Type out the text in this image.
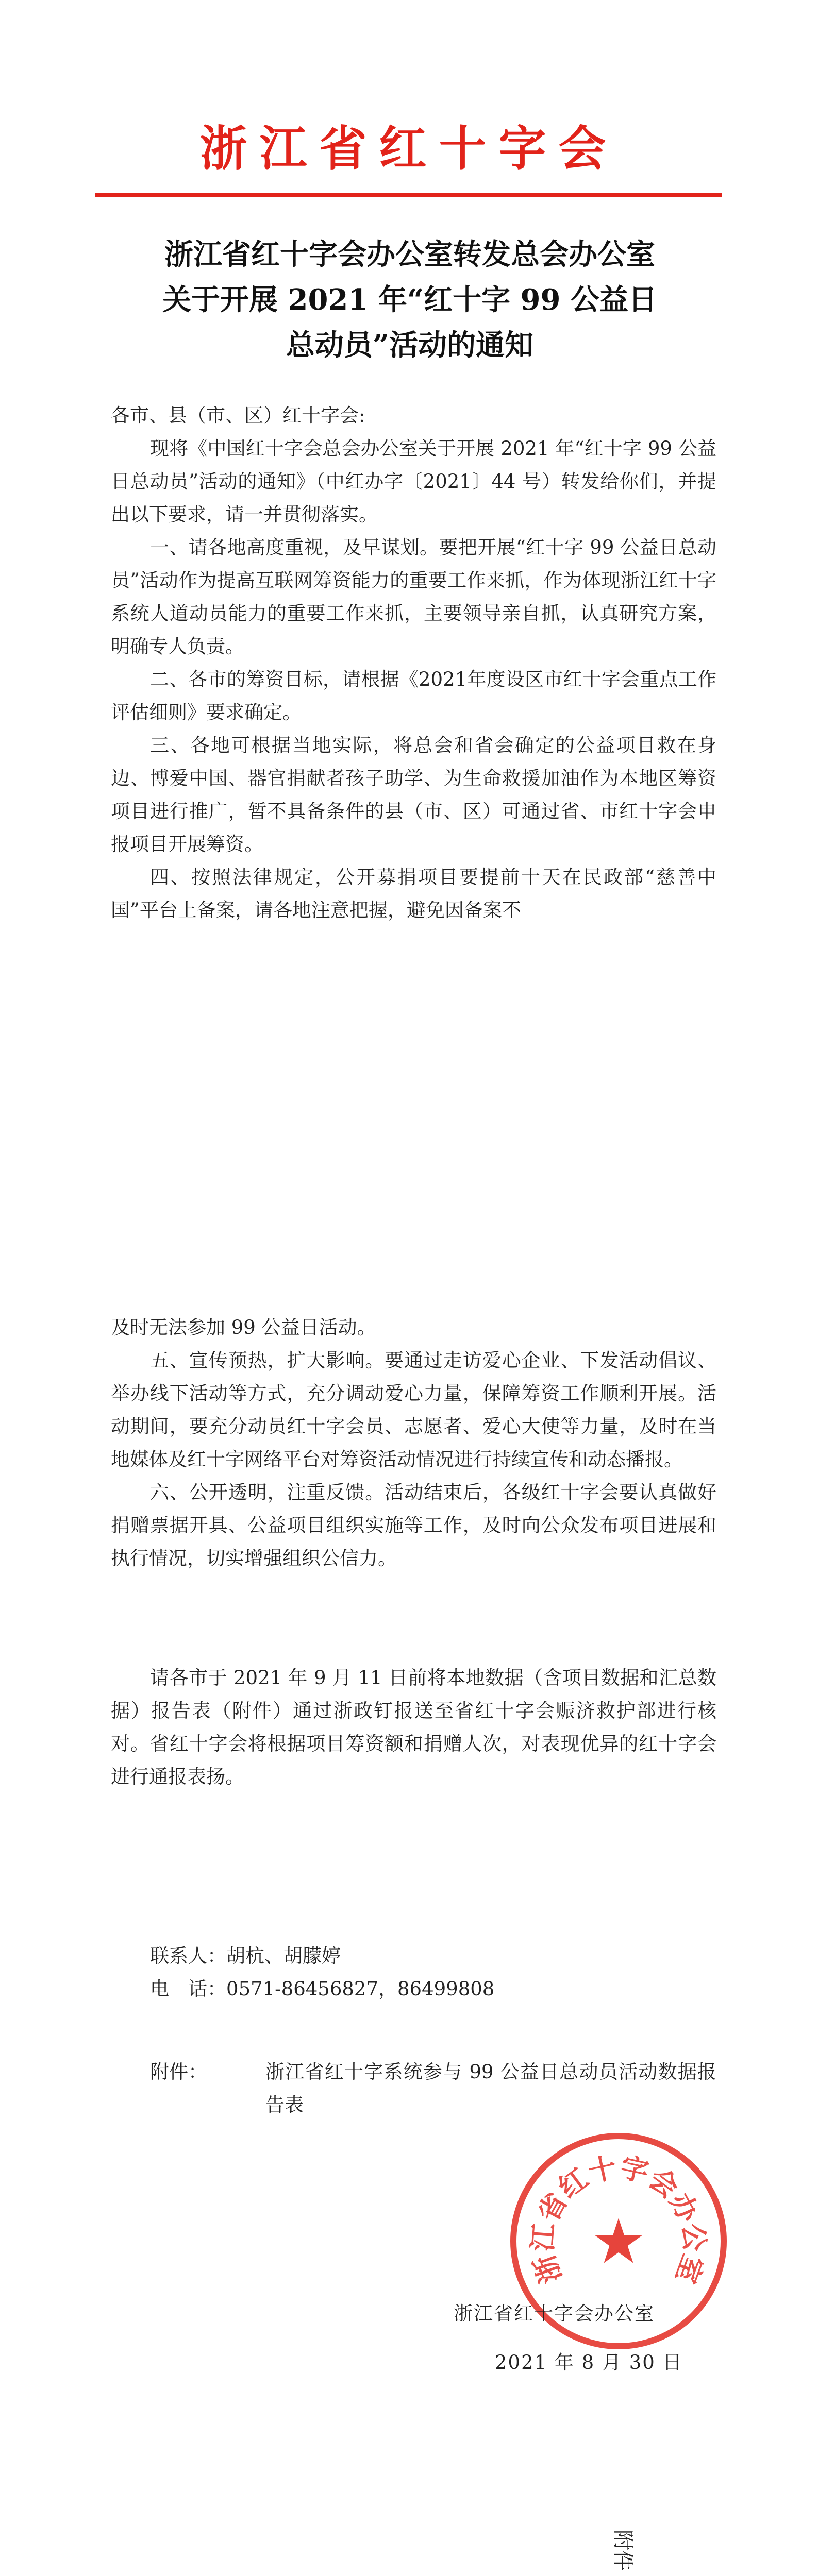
浙江省红十字会
浙江省红十字会办公室转发总会办公室
关于开展 2021 年“红十字 99 公益日
总动员”活动的通知

各市、县（市、区）红十字会:

现将《中国红十字会总会办公室关于开展 2021 年“红十字 99 公益日总动员”活动的通知》（中红办字〔2021〕44 号）转发给你们，并提出以下要求，请一并贯彻落实。

一、请各地高度重视，及早谋划。要把开展“红十字 99 公益日总动员”活动作为提高互联网筹资能力的重要工作来抓，作为体现浙江红十字系统人道动员能力的重要工作来抓，主要领导亲自抓，认真研究方案，明确专人负责。

二、各市的筹资目标，请根据《2021年度设区市红十字会重点工作评估细则》要求确定。

三、各地可根据当地实际，将总会和省会确定的公益项目救在身边、博爱中国、器官捐献者孩子助学、为生命救援加油作为本地区筹资项目进行推广，暂不具备条件的县（市、区）可通过省、市红十字会申报项目开展筹资。

四、按照法律规定，公开募捐项目要提前十天在民政部“慈善中国”平台上备案，请各地注意把握，避免因备案不

及时无法参加 99 公益日活动。

五、宣传预热，扩大影响。要通过走访爱心企业、下发活动倡议、举办线下活动等方式，充分调动爱心力量，保障筹资工作顺利开展。活动期间，要充分动员红十字会员、志愿者、爱心大使等力量，及时在当地媒体及红十字网络平台对筹资活动情况进行持续宣传和动态播报。

六、公开透明，注重反馈。活动结束后，各级红十字会要认真做好捐赠票据开具、公益项目组织实施等工作，及时向公众发布项目进展和执行情况，切实增强组织公信力。

请各市于 2021 年 9 月 11 日前将本地数据（含项目数据和汇总数据）报告表（附件）通过浙政钉报送至省红十字会赈济救护部进行核对。省红十字会将根据项目筹资额和捐赠人次，对表现优异的红十字会进行通报表扬。

联系人：胡杭、胡朦婷

电　话：0571-86456827，86499808

附件：	浙江省红十字系统参与 99 公益日总动员活动数据报告表
★
浙
江
省
红
十
字
会
办
公
室
浙江省红十字会办公室
2021 年 8 月 30 日
附件
